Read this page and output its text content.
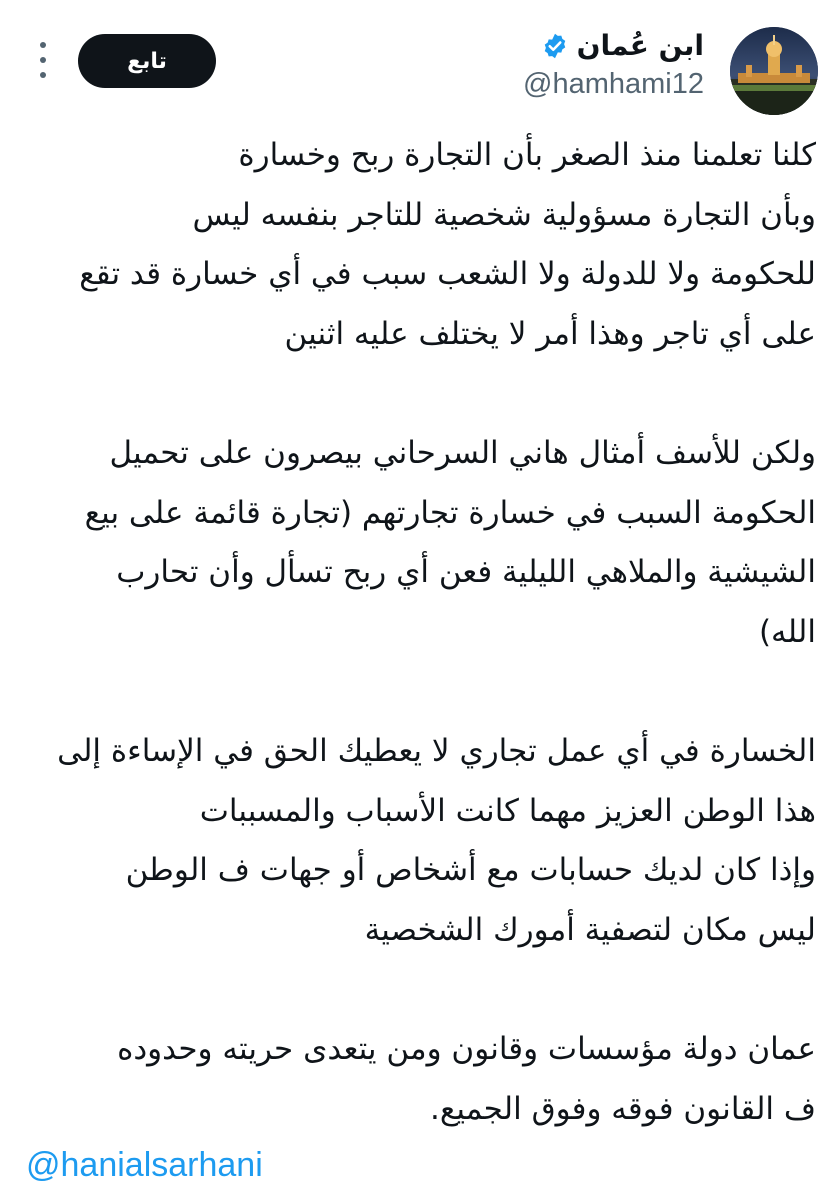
ابن عُمان
@hamhami12
تابع
كلنا تعلمنا منذ الصغر بأن التجارة ربح وخسارة
وبأن التجارة مسؤولية شخصية للتاجر بنفسه ليس
للحكومة ولا للدولة ولا الشعب سبب في أي خسارة قد تقع
على أي تاجر وهذا أمر لا يختلف عليه اثنين
ولكن للأسف أمثال هاني السرحاني بيصرون على تحميل
الحكومة السبب في خسارة تجارتهم (تجارة قائمة على بيع
الشيشية والملاهي الليلية فعن أي ربح تسأل وأن تحارب
الله)
الخسارة في أي عمل تجاري لا يعطيك الحق في الإساءة إلى
هذا الوطن العزيز مهما كانت الأسباب والمسببات
وإذا كان لديك حسابات مع أشخاص أو جهات ف الوطن
ليس مكان لتصفية أمورك الشخصية
عمان دولة مؤسسات وقانون ومن يتعدى حريته وحدوده
ف القانون فوقه وفوق الجميع.
@hanialsarhani
